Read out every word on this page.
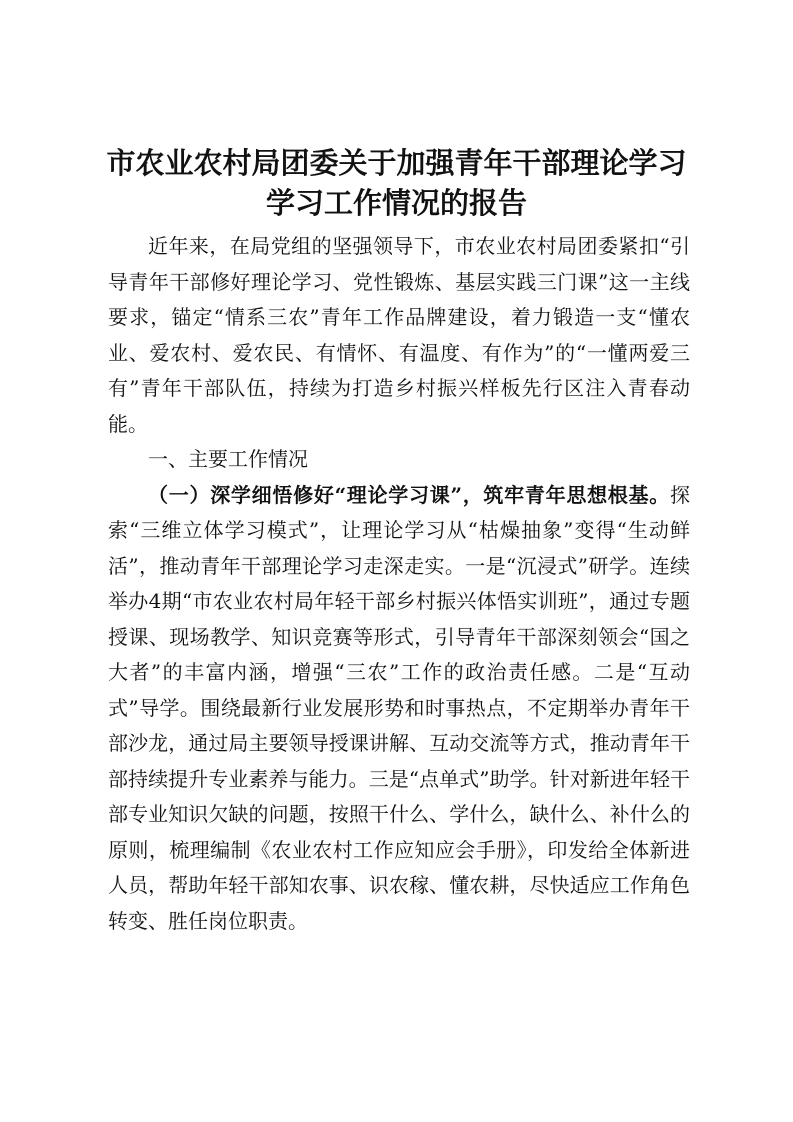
市农业农村局团委关于加强青年干部理论学习
学习工作情况的报告

近年来，在局党组的坚强领导下，市农业农村局团委紧扣“引导青年干部修好理论学习、党性锻炼、基层实践三门课”这一主线要求，锚定“情系三农”青年工作品牌建设，着力锻造一支“懂农业、爱农村、爱农民、有情怀、有温度、有作为”的“一懂两爱三有”青年干部队伍，持续为打造乡村振兴样板先行区注入青春动能。

一、主要工作情况

（一）深学细悟修好“理论学习课”，筑牢青年思想根基。探索“三维立体学习模式”，让理论学习从“枯燥抽象”变得“生动鲜活”，推动青年干部理论学习走深走实。一是“沉浸式”研学。连续举办4期“市农业农村局年轻干部乡村振兴体悟实训班”，通过专题授课、现场教学、知识竞赛等形式，引导青年干部深刻领会“国之大者”的丰富内涵，增强“三农”工作的政治责任感。二是“互动式”导学。围绕最新行业发展形势和时事热点，不定期举办青年干部沙龙，通过局主要领导授课讲解、互动交流等方式，推动青年干部持续提升专业素养与能力。三是“点单式”助学。针对新进年轻干部专业知识欠缺的问题，按照干什么、学什么，缺什么、补什么的原则，梳理编制《农业农村工作应知应会手册》，印发给全体新进人员，帮助年轻干部知农事、识农稼、懂农耕，尽快适应工作角色转变、胜任岗位职责。
